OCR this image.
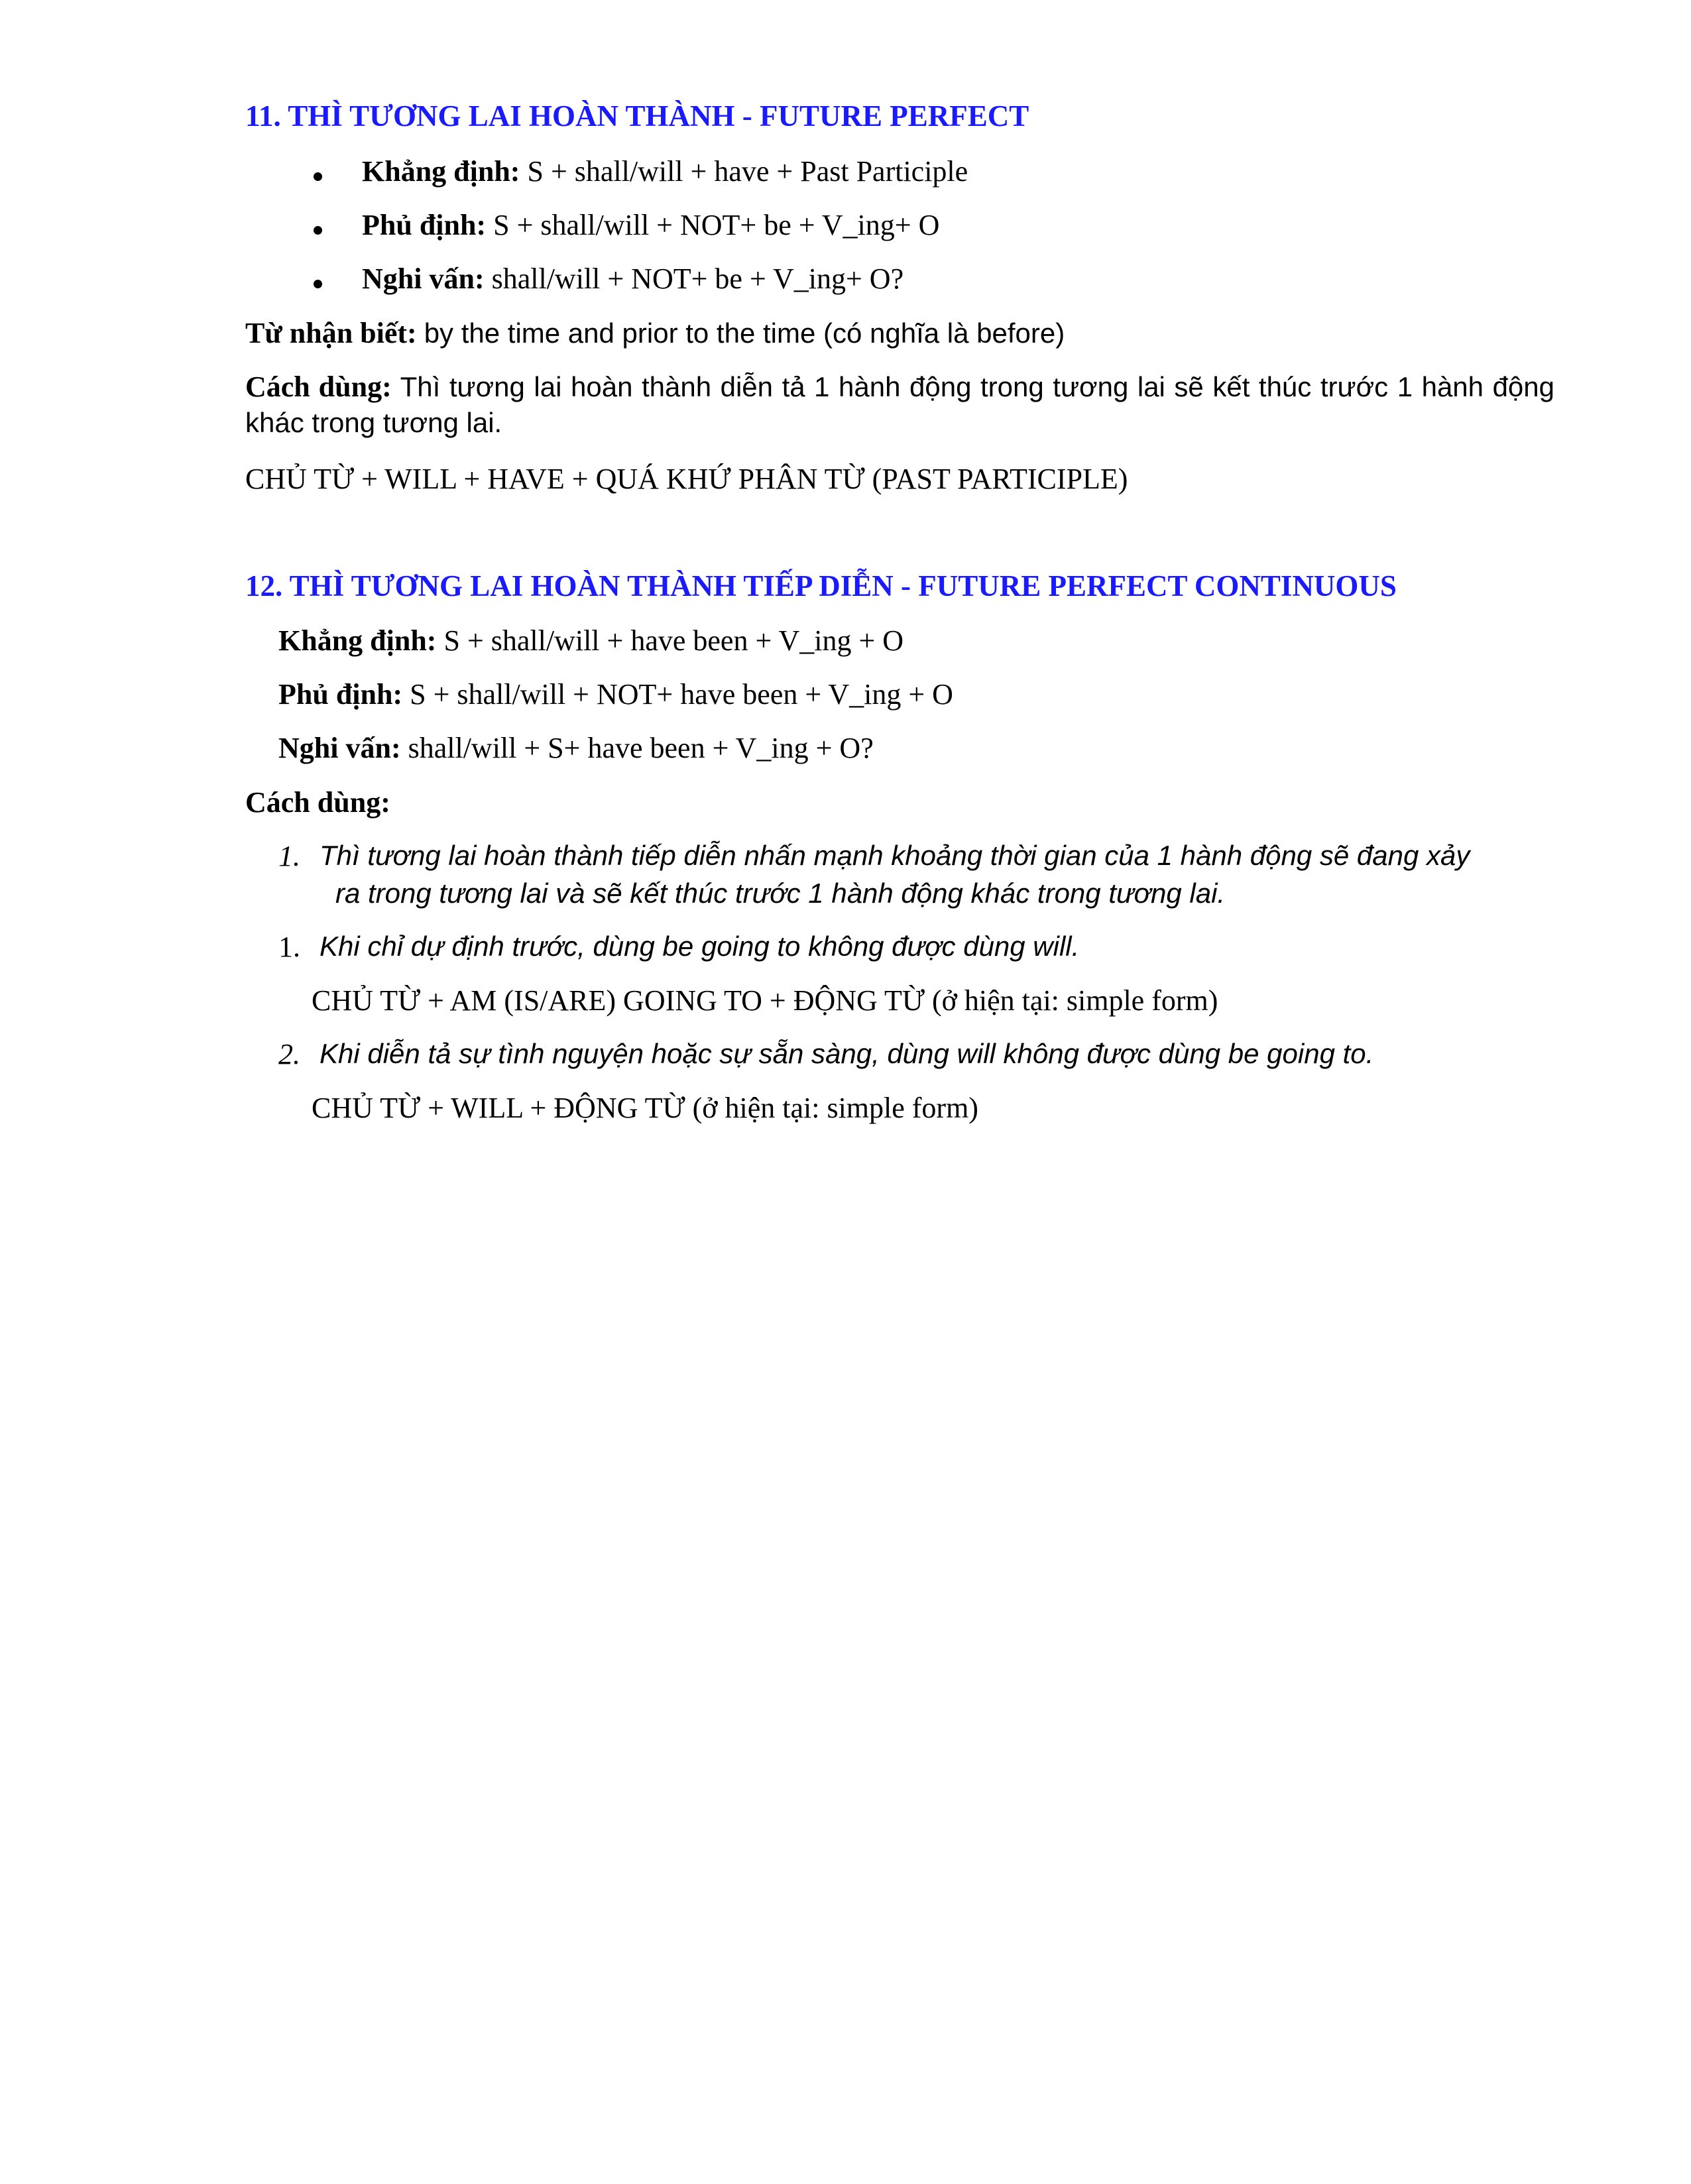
11. THÌ TƯƠNG LAI HOÀN THÀNH - FUTURE PERFECT
Khẳng định: S + shall/will + have + Past Participle
Phủ định: S + shall/will + NOT+ be + V_ing+ O
Nghi vấn: shall/will + NOT+ be + V_ing+ O?
Từ nhận biết: by the time and prior to the time (có nghĩa là before)
Cách dùng: Thì tương lai hoàn thành diễn tả 1 hành động trong tương lai sẽ kết thúc trước 1 hành động khác trong tương lai.
CHỦ TỪ + WILL + HAVE + QUÁ KHỨ PHÂN TỪ (PAST PARTICIPLE)
12. THÌ TƯƠNG LAI HOÀN THÀNH TIẾP DIỄN - FUTURE PERFECT CONTINUOUS
Khẳng định: S + shall/will + have been + V_ing + O
Phủ định: S + shall/will + NOT+ have been + V_ing + O
Nghi vấn: shall/will + S+ have been + V_ing + O?
Cách dùng:
1. Thì tương lai hoàn thành tiếp diễn nhấn mạnh khoảng thời gian của 1 hành động sẽ đang xảy
ra trong tương lai và sẽ kết thúc trước 1 hành động khác trong tương lai.
1. Khi chỉ dự định trước, dùng be going to không được dùng will.
CHỦ TỪ + AM (IS/ARE) GOING TO + ĐỘNG TỪ (ở hiện tại: simple form)
2. Khi diễn tả sự tình nguyện hoặc sự sẵn sàng, dùng will không được dùng be going to.
CHỦ TỪ + WILL + ĐỘNG TỪ (ở hiện tại: simple form)
